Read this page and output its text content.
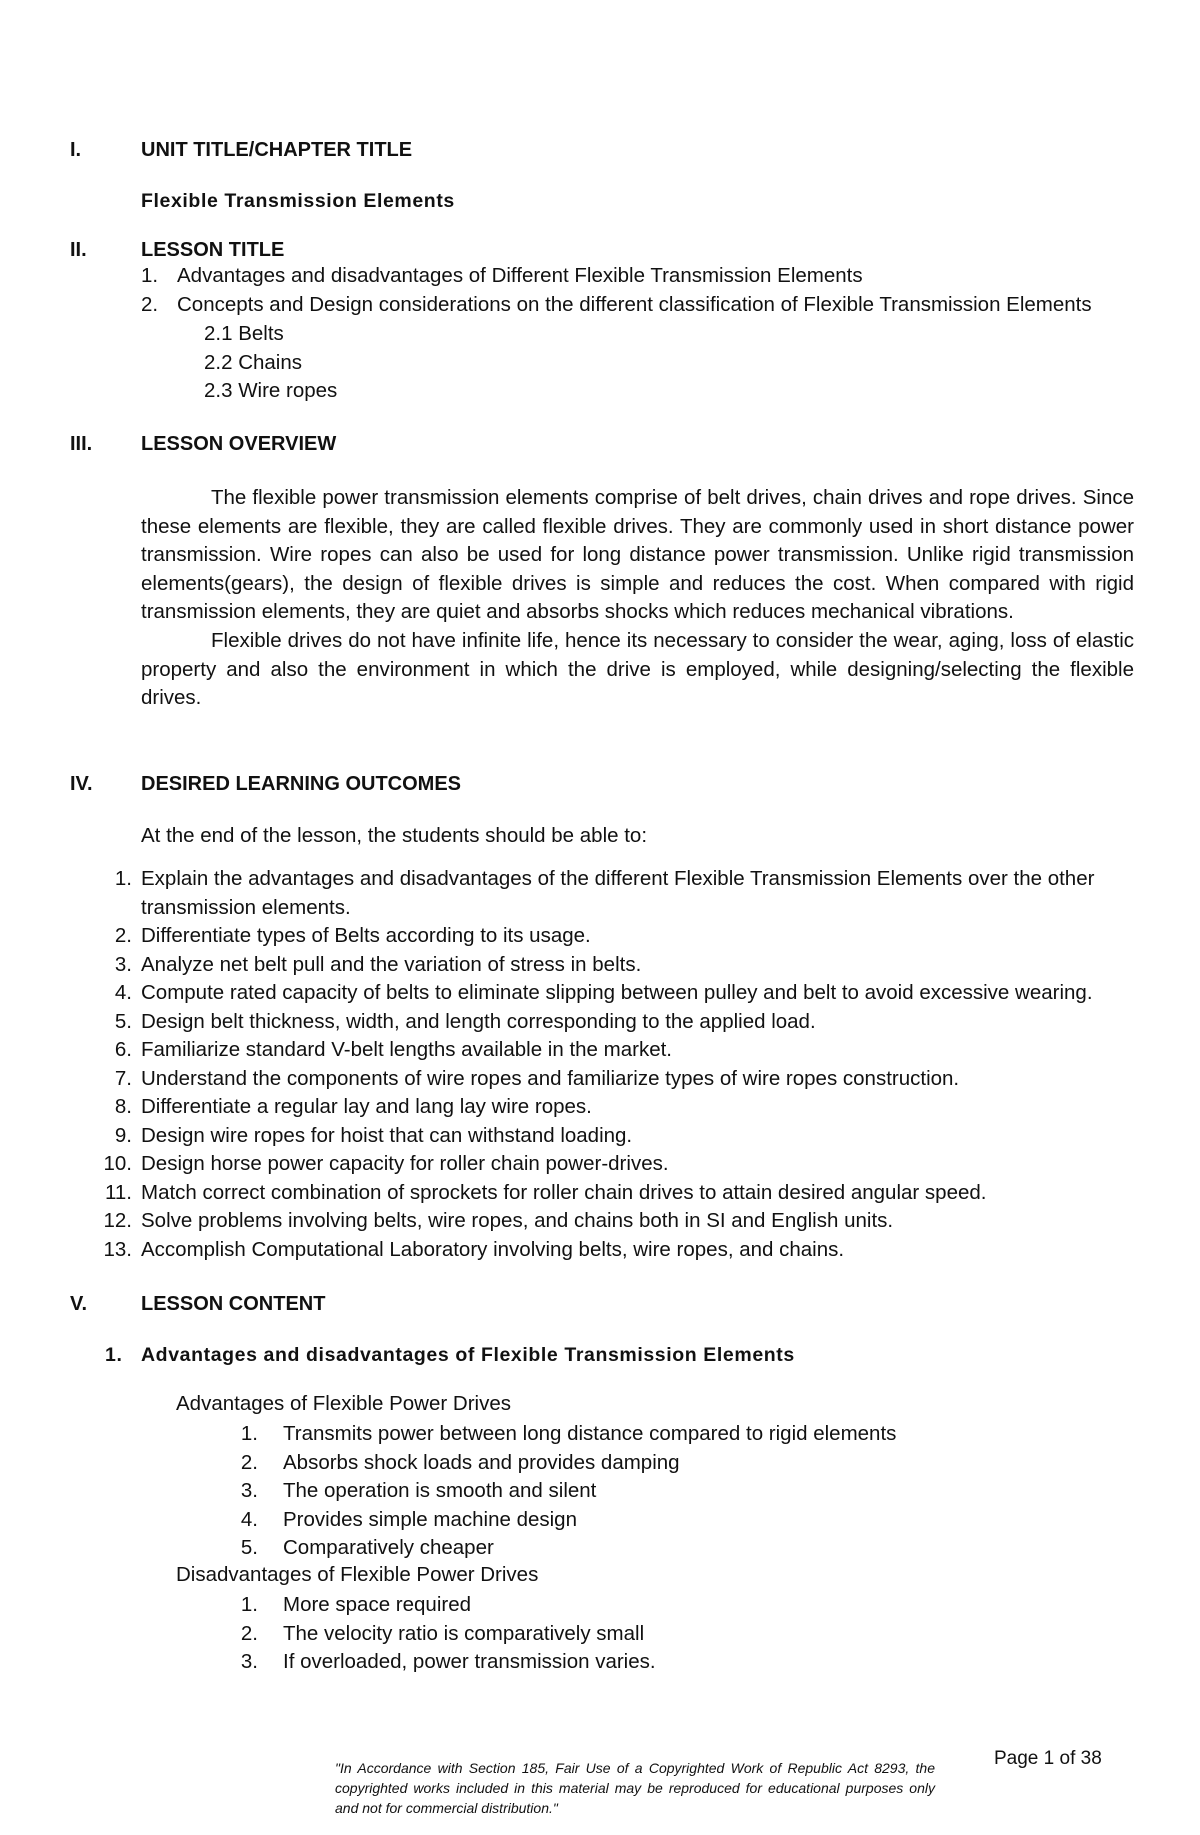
I.	UNIT TITLE/CHAPTER TITLE
Flexible Transmission Elements
II.	LESSON TITLE
1. Advantages and disadvantages of Different Flexible Transmission Elements
2. Concepts and Design considerations on the different classification of Flexible Transmission Elements
2.1 Belts
2.2 Chains
2.3 Wire ropes
III. LESSON OVERVIEW

The flexible power transmission elements comprise of belt drives, chain drives and rope drives. Since these elements are flexible, they are called flexible drives. They are commonly used in short distance power transmission. Wire ropes can also be used for long distance power transmission. Unlike rigid transmission elements(gears), the design of flexible drives is simple and reduces the cost. When compared with rigid transmission elements, they are quiet and absorbs shocks which reduces mechanical vibrations.

Flexible drives do not have infinite life, hence its necessary to consider the wear, aging, loss of elastic property and also the environment in which the drive is employed, while designing/selecting the flexible drives.

IV. DESIRED LEARNING OUTCOMES
At the end of the lesson, the students should be able to:
1. Explain the advantages and disadvantages of the different Flexible Transmission Elements over the other
transmission elements.
2. Differentiate types of Belts according to its usage.
3. Analyze net belt pull and the variation of stress in belts.
4. Compute rated capacity of belts to eliminate slipping between pulley and belt to avoid excessive wearing.
5. Design belt thickness, width, and length corresponding to the applied load.
6. Familiarize standard V-belt lengths available in the market.
7. Understand the components of wire ropes and familiarize types of wire ropes construction.
8. Differentiate a regular lay and lang lay wire ropes.
9. Design wire ropes for hoist that can withstand loading.
10. Design horse power capacity for roller chain power-drives.
11. Match correct combination of sprockets for roller chain drives to attain desired angular speed.
12. Solve problems involving belts, wire ropes, and chains both in SI and English units.
13. Accomplish Computational Laboratory involving belts, wire ropes, and chains.
V.	LESSON CONTENT
1. Advantages and disadvantages of Flexible Transmission Elements
Advantages of Flexible Power Drives
1. Transmits power between long distance compared to rigid elements
2. Absorbs shock loads and provides damping
3. The operation is smooth and silent
4. Provides simple machine design
5. Comparatively cheaper
Disadvantages of Flexible Power Drives
1. More space required
2. The velocity ratio is comparatively small
3. If overloaded, power transmission varies.
Page 1 of 38
"In Accordance with Section 185, Fair Use of a Copyrighted Work of Republic Act 8293, the copyrighted works included in this material may be reproduced for educational purposes only and not for commercial distribution."
